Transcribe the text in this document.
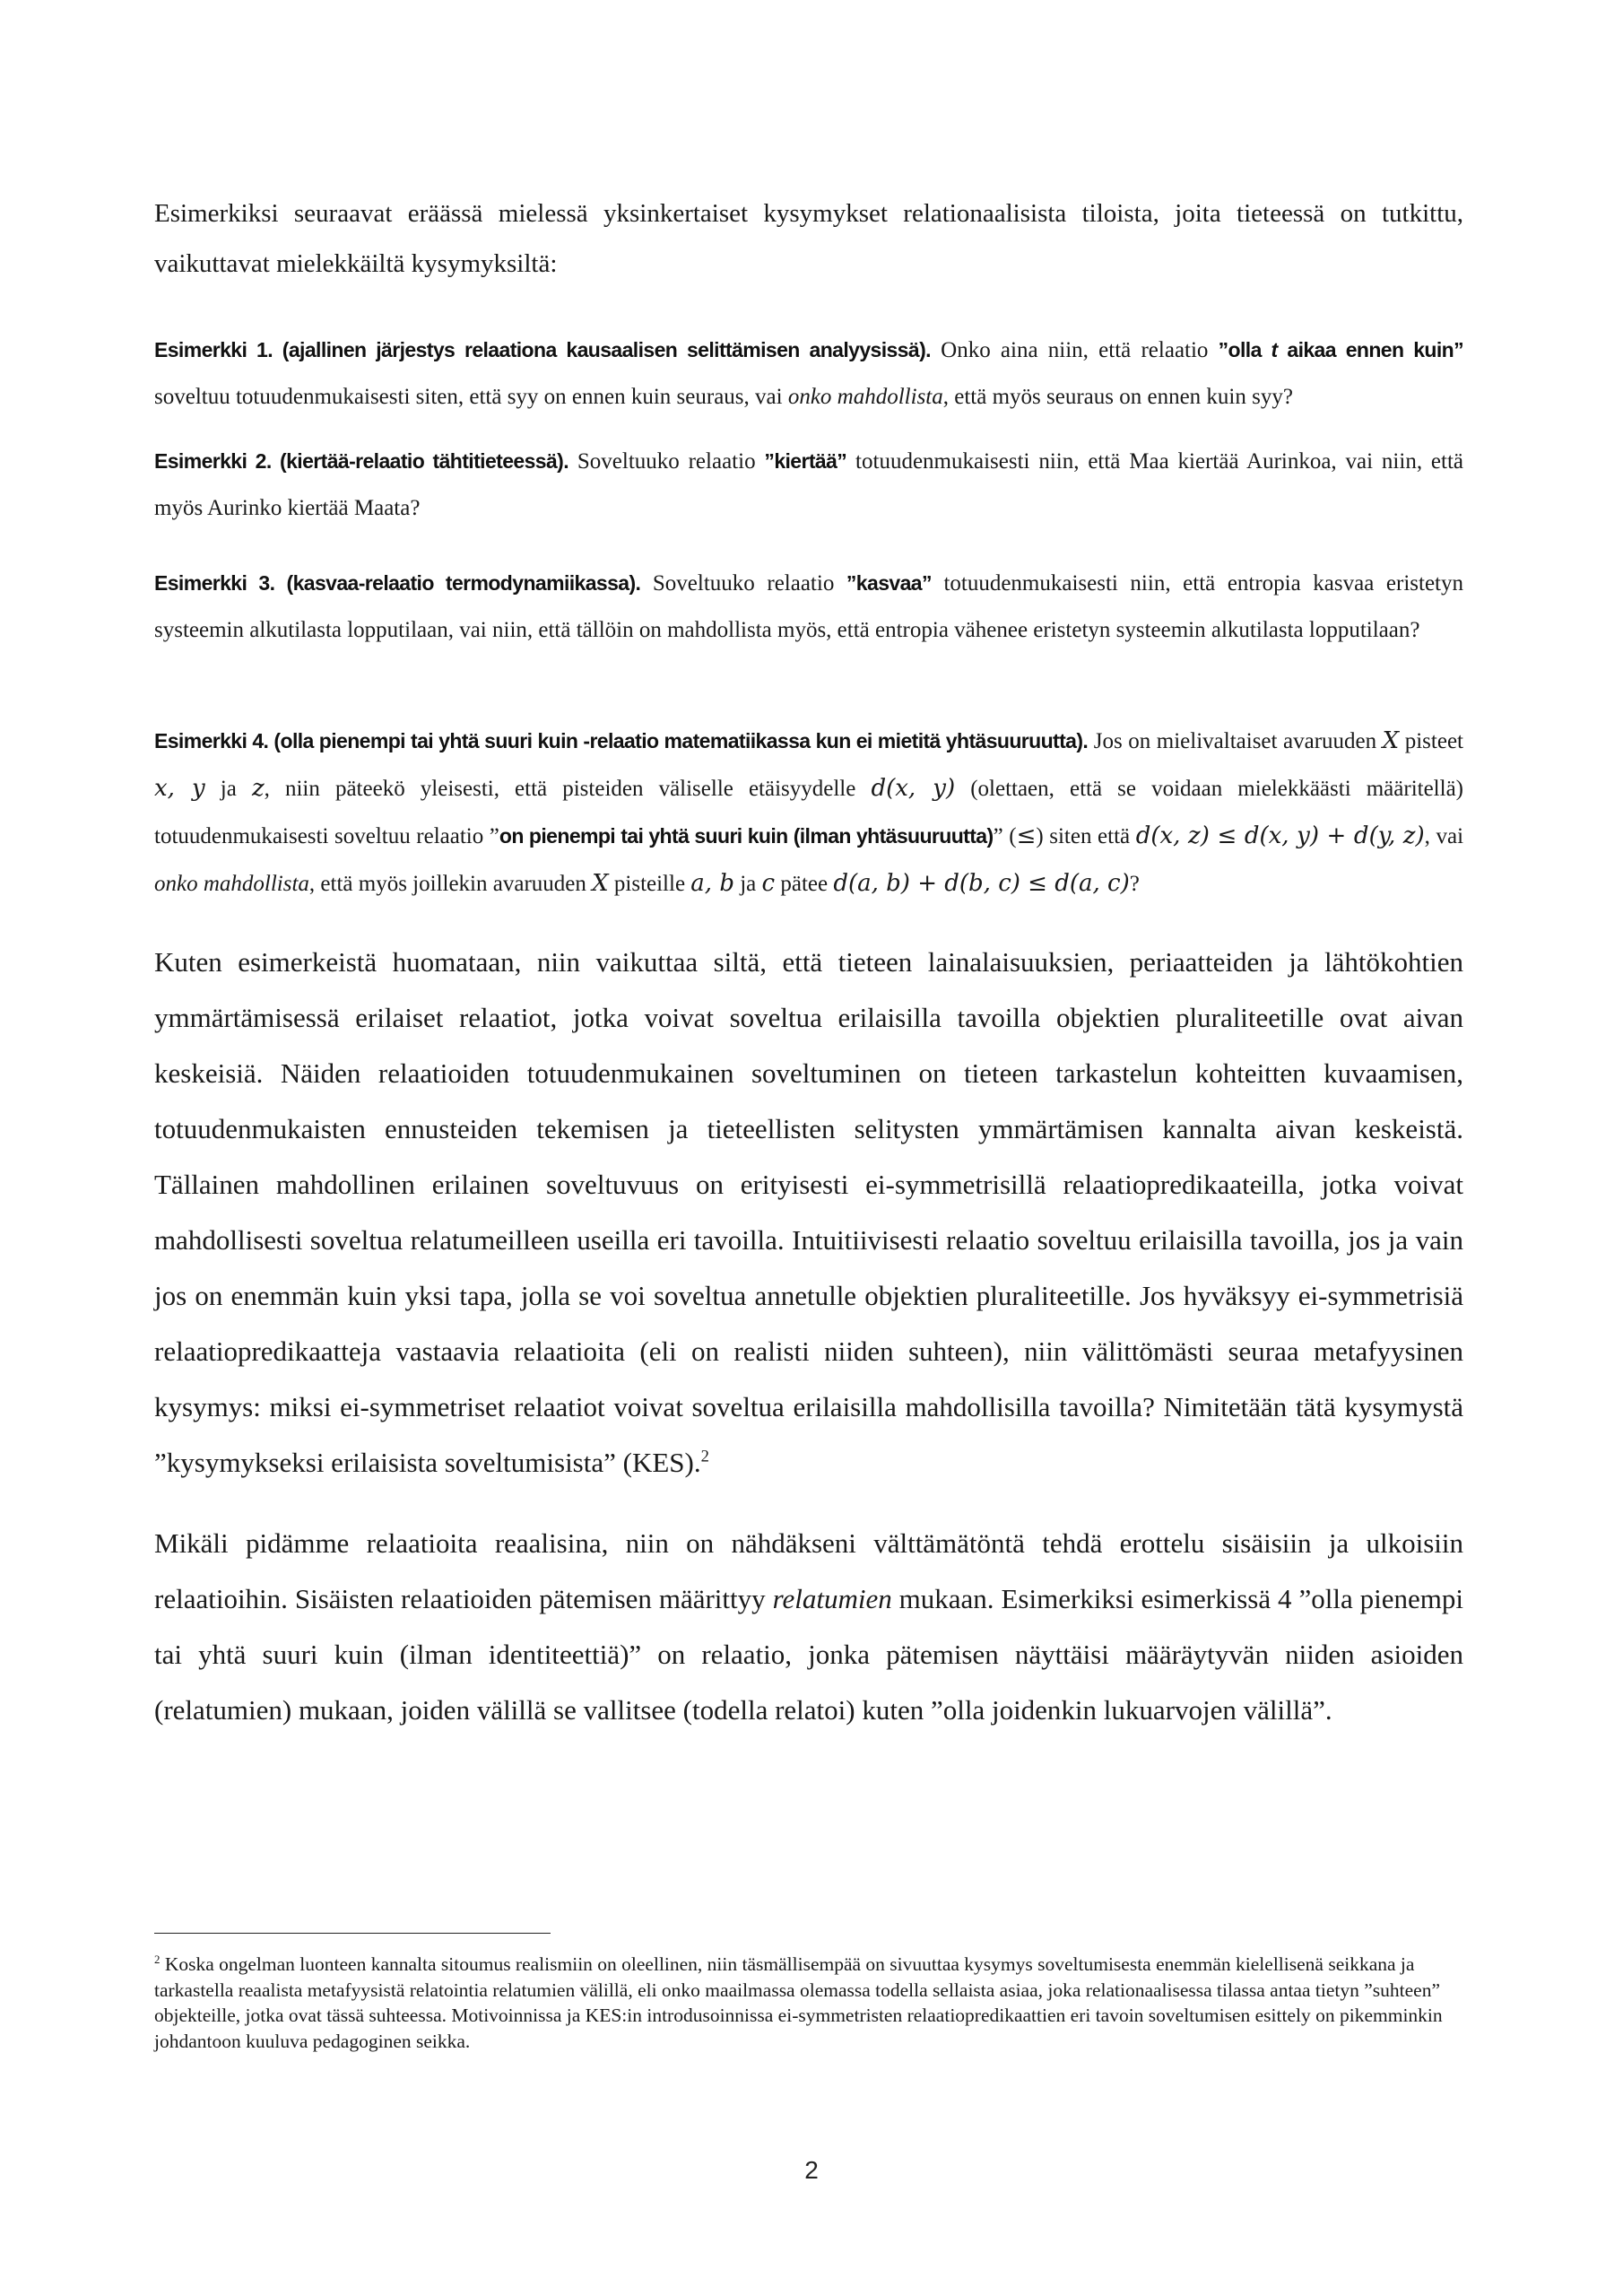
Esimerkiksi seuraavat eräässä mielessä yksinkertaiset kysymykset relationaalisista tiloista, joita tieteessä on tutkittu, vaikuttavat mielekkäiltä kysymyksiltä:

Esimerkki 1. (ajallinen järjestys relaationa kausaalisen selittämisen analyysissä). Onko aina niin, että relaatio ”olla t aikaa ennen kuin” soveltuu totuudenmukaisesti siten, että syy on ennen kuin seuraus, vai onko mahdollista, että myös seuraus on ennen kuin syy?

Esimerkki 2. (kiertää-relaatio tähtitieteessä). Soveltuuko relaatio ”kiertää” totuudenmukaisesti niin, että Maa kiertää Aurinkoa, vai niin, että myös Aurinko kiertää Maata?

Esimerkki 3. (kasvaa-relaatio termodynamiikassa). Soveltuuko relaatio ”kasvaa” totuudenmukaisesti niin, että entropia kasvaa eristetyn systeemin alkutilasta lopputilaan, vai niin, että tällöin on mahdollista myös, että entropia vähenee eristetyn systeemin alkutilasta lopputilaan?

Esimerkki 4. (olla pienempi tai yhtä suuri kuin -relaatio matematiikassa kun ei mietitä yhtäsuuruutta). Jos on mielivaltaiset avaruuden X pisteet x, y ja z, niin päteekö yleisesti, että pisteiden väliselle etäisyydelle d(x, y) (olettaen, että se voidaan mielekkäästi määritellä) totuudenmukaisesti soveltuu relaatio ”on pienempi tai yhtä suuri kuin (ilman yhtäsuuruutta)” (≤) siten että d(x, z) ≤ d(x, y) + d(y, z), vai onko mahdollista, että myös joillekin avaruuden X pisteille a, b ja c pätee d(a, b) + d(b, c) ≤ d(a, c)?

Kuten esimerkeistä huomataan, niin vaikuttaa siltä, että tieteen lainalaisuuksien, periaatteiden ja lähtökohtien ymmärtämisessä erilaiset relaatiot, jotka voivat soveltua erilaisilla tavoilla objektien pluraliteetille ovat aivan keskeisiä. Näiden relaatioiden totuudenmukainen soveltuminen on tieteen tarkastelun kohteitten kuvaamisen, totuudenmukaisten ennusteiden tekemisen ja tieteellisten selitysten ymmärtämisen kannalta aivan keskeistä. Tällainen mahdollinen erilainen soveltuvuus on erityisesti ei-symmetrisillä relaatiopredikaateilla, jotka voivat mahdollisesti soveltua relatumeilleen useilla eri tavoilla. Intuitiivisesti relaatio soveltuu erilaisilla tavoilla, jos ja vain jos on enemmän kuin yksi tapa, jolla se voi soveltua annetulle objektien pluraliteetille. Jos hyväksyy ei-symmetrisiä relaatiopredikaatteja vastaavia relaatioita (eli on realisti niiden suhteen), niin välittömästi seuraa metafyysinen kysymys: miksi ei-symmetriset relaatiot voivat soveltua erilaisilla mahdollisilla tavoilla? Nimitetään tätä kysymystä ”kysymykseksi erilaisista soveltumisista” (KES).$^2$

Mikäli pidämme relaatioita reaalisina, niin on nähdäkseni välttämätöntä tehdä erottelu sisäisiin ja ulkoisiin relaatioihin. Sisäisten relaatioiden pätemisen määrittyy relatumien mukaan. Esimerkiksi esimerkissä 4 ”olla pienempi tai yhtä suuri kuin (ilman identiteettiä)” on relaatio, jonka pätemisen näyttäisi määräytyvän niiden asioiden (relatumien) mukaan, joiden välillä se vallitsee (todella relatoi) kuten ”olla joidenkin lukuarvojen välillä”.

$^2$ Koska ongelman luonteen kannalta sitoumus realismiin on oleellinen, niin täsmällisempää on sivuuttaa kysymys soveltumisesta enemmän kielellisenä seikkana ja tarkastella reaalista metafyysistä relatointia relatumien välillä, eli onko maailmassa olemassa todella sellaista asiaa, joka relationaalisessa tilassa antaa tietyn ”suhteen” objekteille, jotka ovat tässä suhteessa. Motivoinnissa ja KES:in introdusoinnissa ei-symmetristen relaatiopredikaattien eri tavoin soveltumisen esittely on pikemminkin johdantoon kuuluva pedagoginen seikka.

2
